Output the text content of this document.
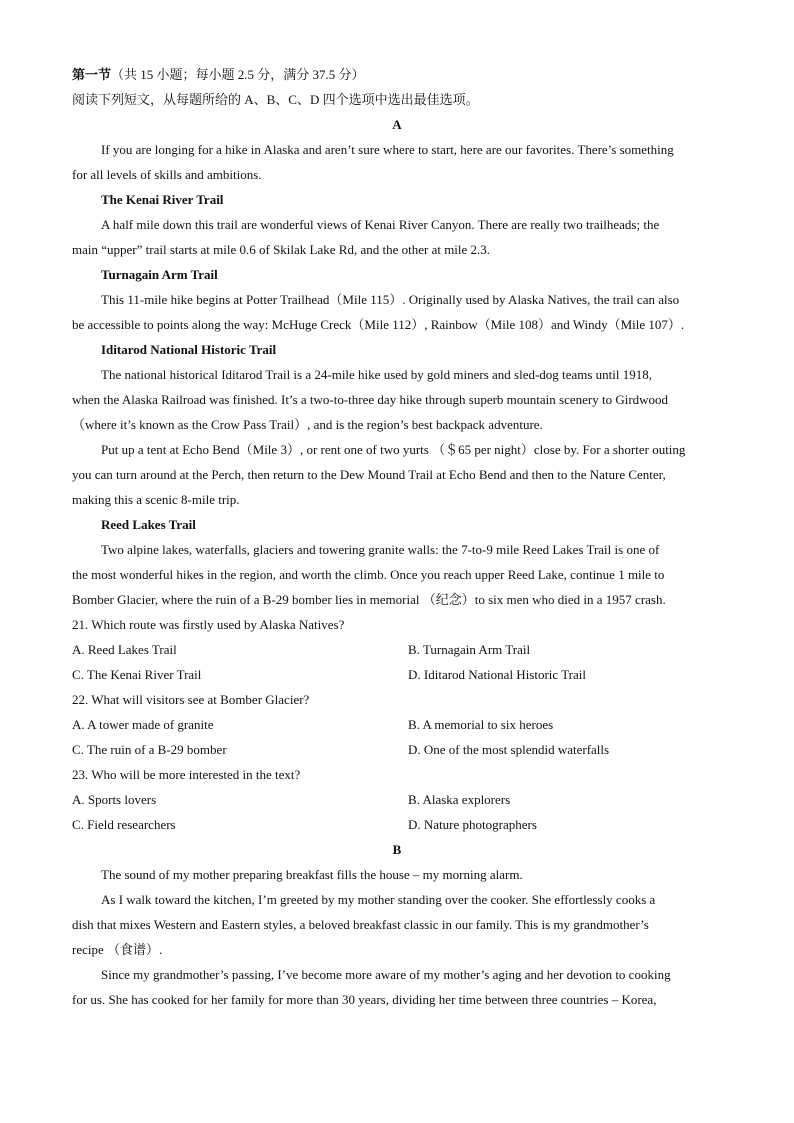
第一节（共 15 小题；每小题 2.5 分，满分 37.5 分）
阅读下列短文，从每题所给的 A、B、C、D 四个选项中选出最佳选项。
A
If you are longing for a hike in Alaska and aren’t sure where to start, here are our favorites. There’s something
for all levels of skills and ambitions.
The Kenai River Trail
A half mile down this trail are wonderful views of Kenai River Canyon. There are really two trailheads; the
main “upper” trail starts at mile 0.6 of Skilak Lake Rd, and the other at mile 2.3.
Turnagain Arm Trail
This 11-mile hike begins at Potter Trailhead（Mile 115）. Originally used by Alaska Natives, the trail can also
be accessible to points along the way: McHuge Creck（Mile 112）, Rainbow（Mile 108）and Windy（Mile 107）.
Iditarod National Historic Trail
The national historical Iditarod Trail is a 24-mile hike used by gold miners and sled-dog teams until 1918,
when the Alaska Railroad was finished. It’s a two-to-three day hike through superb mountain scenery to Girdwood
（where it’s known as the Crow Pass Trail）, and is the region’s best backpack adventure.
Put up a tent at Echo Bend（Mile 3）, or rent one of two yurts （＄65 per night）close by. For a shorter outing
you can turn around at the Perch, then return to the Dew Mound Trail at Echo Bend and then to the Nature Center,
making this a scenic 8-mile trip.
Reed Lakes Trail
Two alpine lakes, waterfalls, glaciers and towering granite walls: the 7-to-9 mile Reed Lakes Trail is one of
the most wonderful hikes in the region, and worth the climb. Once you reach upper Reed Lake, continue 1 mile to
Bomber Glacier, where the ruin of a B-29 bomber lies in memorial （纪念）to six men who died in a 1957 crash.
21. Which route was firstly used by Alaska Natives?
A. Reed Lakes Trail	B. Turnagain Arm Trail
C. The Kenai River Trail	D. Iditarod National Historic Trail
22. What will visitors see at Bomber Glacier?
A. A tower made of granite	B. A memorial to six heroes
C. The ruin of a B-29 bomber	D. One of the most splendid waterfalls
23. Who will be more interested in the text?
A. Sports lovers	B. Alaska explorers
C. Field researchers	D. Nature photographers
B
The sound of my mother preparing breakfast fills the house – my morning alarm.
As I walk toward the kitchen, I’m greeted by my mother standing over the cooker. She effortlessly cooks a
dish that mixes Western and Eastern styles, a beloved breakfast classic in our family. This is my grandmother’s
recipe （食谱）.
Since my grandmother’s passing, I’ve become more aware of my mother’s aging and her devotion to cooking
for us. She has cooked for her family for more than 30 years, dividing her time between three countries – Korea,
